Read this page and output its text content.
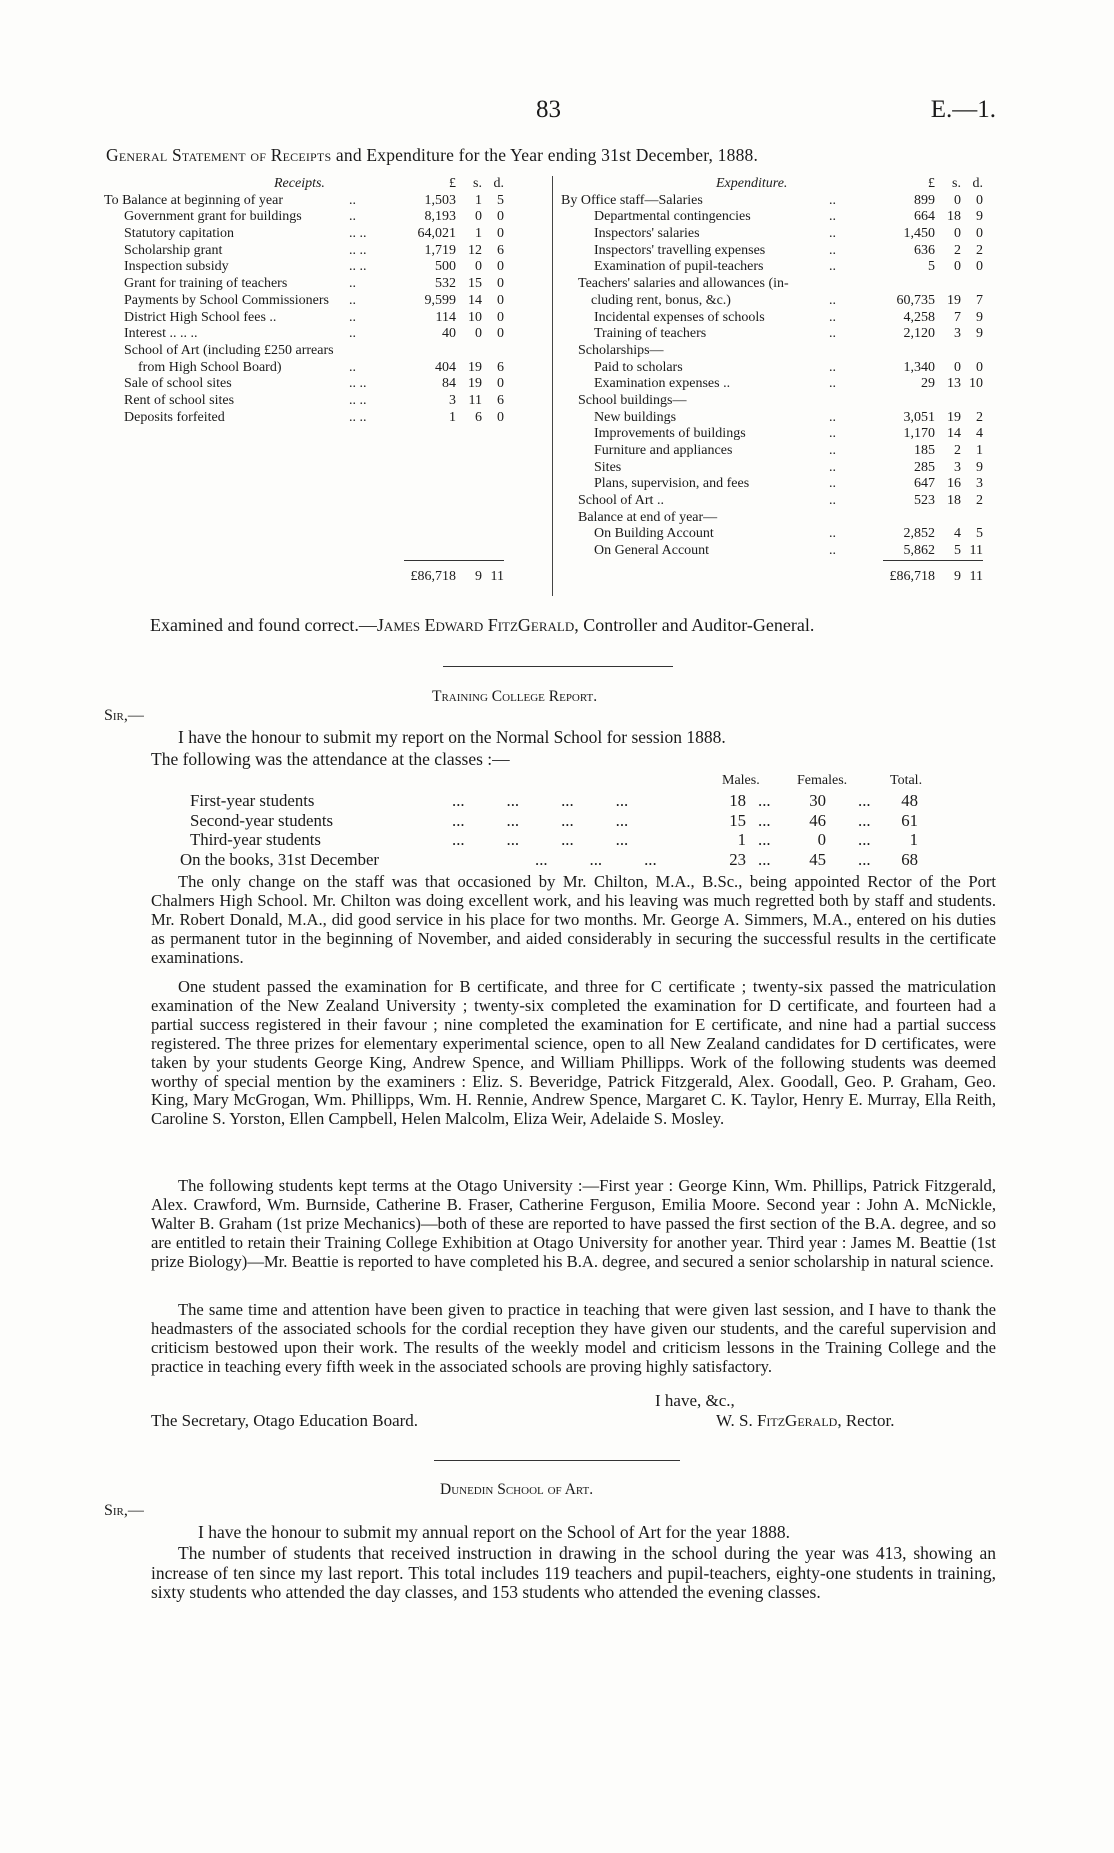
83	E.—1.
General Statement of Receipts and Expenditure for the Year ending 31st December, 1888.
Receipts.	£	s. d.
To Balance at beginning of year	..	1,503	1	5
Government grant for buildings	..	8,193	0	0
Statutory capitation	.. ..	64,021	1	0
Scholarship grant	.. ..	1,719 12	6
Inspection subsidy	.. ..	500	0	0
Grant for training of teachers	..	532 15	0
Payments by School Commissioners ..	9,599 14	0
District High School fees ..	..	114 10	0
Interest .. .. ..	..	40	0	0
School of Art (including £250 arrears
from High School Board)	..	404 19	6
Sale of school sites	.. ..	84 19	0
Rent of school sites	.. ..	3 11	6
Deposits forfeited	.. ..	1	6	0
£86,718	9 11
Expenditure.	£	s. d.
By Office staff—Salaries	..	899	0	0
Departmental contingencies	..	664 18	9
Inspectors' salaries	..	1,450	0	0
Inspectors' travelling expenses	..	636	2	2
Examination of pupil-teachers	..	5	0	0
Teachers' salaries and allowances (in-
cluding rent, bonus, &c.)	..	60,735 19	7
Incidental expenses of schools	..	4,258	7	9
Training of teachers	..	2,120	3	9
Scholarships—
Paid to scholars	..	1,340	0	0
Examination expenses ..	..	29 13 10
School buildings—
New buildings	..	3,051 19	2
Improvements of buildings	..	1,170 14	4
Furniture and appliances	..	185	2	1
Sites	..	285	3	9
Plans, supervision, and fees	..	647 16	3
School of Art ..	..	523 18	2
Balance at end of year—
On Building Account	..	2,852	4	5
On General Account	..	5,862	5 11
£86,718	9 11
Examined and found correct.—James Edward FitzGerald, Controller and Auditor-General.
Training College Report.
Sir,—
I have the honour to submit my report on the Normal School for session 1888.
The following was the attendance at the classes :—
Males.	Females.	Total.
First-year students	...          ...          ...          ...	18 ...	30 ...	48
Second-year students	...          ...          ...          ...	15 ...	46 ...	61
Third-year students	...          ...          ...          ...	1 ...	0 ...	1
On the books, 31st December	...          ...          ...	23 ...	45 ...	68
The only change on the staff was that occasioned by Mr. Chilton, M.A., B.Sc., being appointed Rector of the Port Chalmers High School. Mr. Chilton was doing excellent work, and his leaving was much regretted both by staff and students. Mr. Robert Donald, M.A., did good service in his place for two months. Mr. George A. Simmers, M.A., entered on his duties as permanent tutor in the beginning of November, and aided considerably in securing the successful results in the certificate examinations.
One student passed the examination for B certificate, and three for C certificate ; twenty-six passed the matriculation examination of the New Zealand University ; twenty-six completed the examination for D certificate, and fourteen had a partial success registered in their favour ; nine completed the examination for E certificate, and nine had a partial success registered. The three prizes for elementary experimental science, open to all New Zealand candidates for D certificates, were taken by your students George King, Andrew Spence, and William Phillipps. Work of the following students was deemed worthy of special mention by the examiners : Eliz. S. Beveridge, Patrick Fitzgerald, Alex. Goodall, Geo. P. Graham, Geo. King, Mary McGrogan, Wm. Phillipps, Wm. H. Rennie, Andrew Spence, Margaret C. K. Taylor, Henry E. Murray, Ella Reith, Caroline S. Yorston, Ellen Campbell, Helen Malcolm, Eliza Weir, Adelaide S. Mosley.
The following students kept terms at the Otago University :—First year : George Kinn, Wm. Phillips, Patrick Fitzgerald, Alex. Crawford, Wm. Burnside, Catherine B. Fraser, Catherine Ferguson, Emilia Moore. Second year : John A. McNickle, Walter B. Graham (1st prize Mechanics)—both of these are reported to have passed the first section of the B.A. degree, and so are entitled to retain their Training College Exhibition at Otago University for another year. Third year : James M. Beattie (1st prize Biology)—Mr. Beattie is reported to have completed his B.A. degree, and secured a senior scholarship in natural science.
The same time and attention have been given to practice in teaching that were given last session, and I have to thank the headmasters of the associated schools for the cordial reception they have given our students, and the careful supervision and criticism bestowed upon their work. The results of the weekly model and criticism lessons in the Training College and the practice in teaching every fifth week in the associated schools are proving highly satisfactory.
I have, &c.,
The Secretary, Otago Education Board.	W. S. FitzGerald, Rector.
Dunedin School of Art.
Sir,—
I have the honour to submit my annual report on the School of Art for the year 1888.
The number of students that received instruction in drawing in the school during the year was 413, showing an increase of ten since my last report. This total includes 119 teachers and pupil-teachers, eighty-one students in training, sixty students who attended the day classes, and 153 students who attended the evening classes.
